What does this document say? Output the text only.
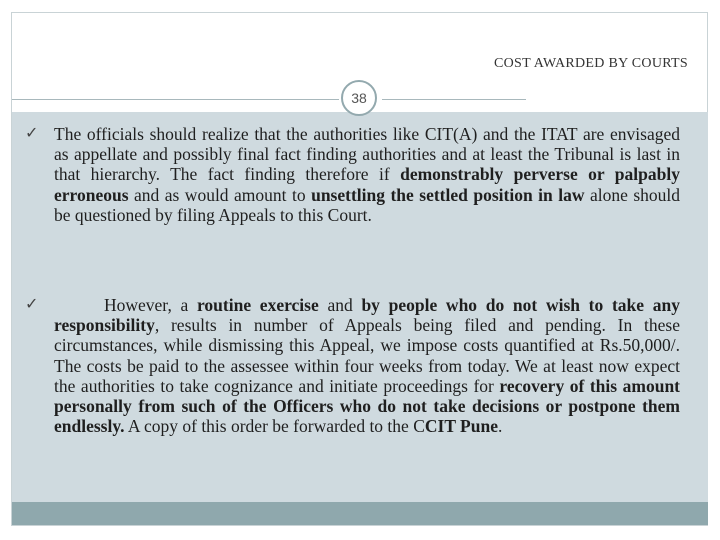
COST AWARDED BY COURTS
38
✓ The officials should realize that the authorities like CIT(A) and the ITAT are envisaged as appellate and possibly final fact finding authorities and at least the Tribunal is last in that hierarchy. The fact finding therefore if demonstrably perverse or palpably erroneous and as would amount to unsettling the settled position in law alone should be questioned by filing Appeals to this Court.

✓	However, a routine exercise and by people who do not wish to take any responsibility, results in number of Appeals being filed and pending. In these circumstances, while dismissing this Appeal, we impose costs quantified at Rs.50,000/. The costs be paid to the assessee within four weeks from today. We at least now expect the authorities to take cognizance and initiate proceedings for recovery of this amount personally from such of the Officers who do not take decisions or postpone them endlessly. A copy of this order be forwarded to the CCIT Pune.
